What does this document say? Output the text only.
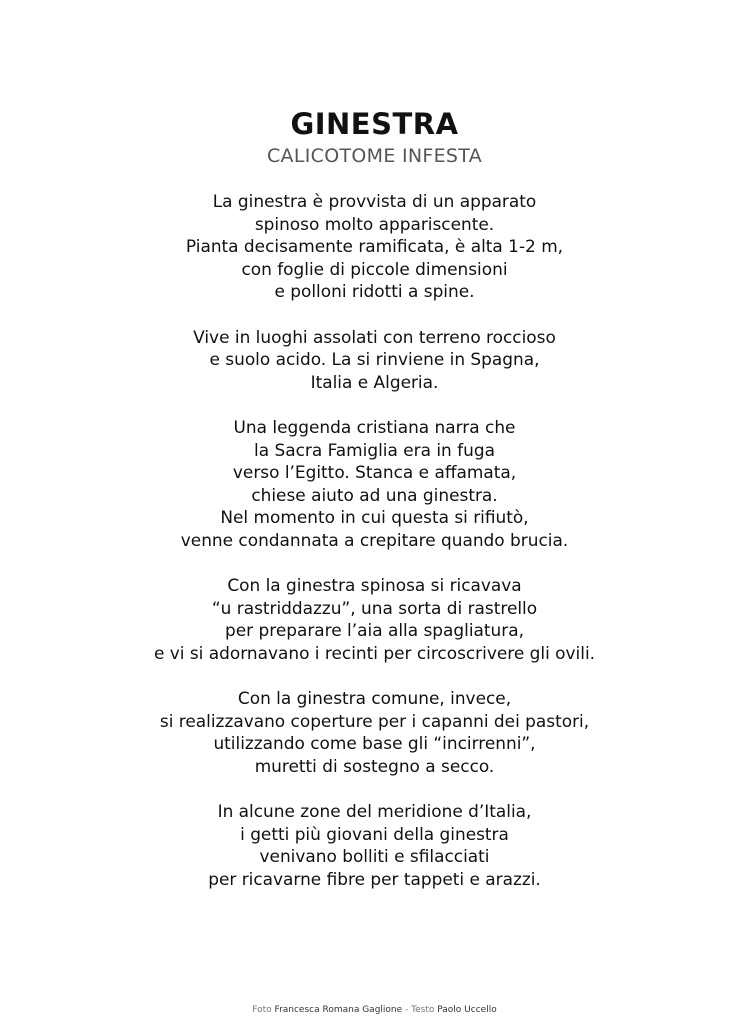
GINESTRA
CALICOTOME INFESTA

La ginestra è provvista di un apparato
spinoso molto appariscente.
Pianta decisamente ramificata, è alta 1-2 m,
con foglie di piccole dimensioni
e polloni ridotti a spine.

Vive in luoghi assolati con terreno roccioso
e suolo acido. La si rinviene in Spagna,
Italia e Algeria.

Una leggenda cristiana narra che
la Sacra Famiglia era in fuga
verso l’Egitto. Stanca e affamata,
chiese aiuto ad una ginestra.
Nel momento in cui questa si rifiutò,
venne condannata a crepitare quando brucia.

Con la ginestra spinosa si ricavava
“u rastriddazzu”, una sorta di rastrello
per preparare l’aia alla spagliatura,
e vi si adornavano i recinti per circoscrivere gli ovili.

Con la ginestra comune, invece,
si realizzavano coperture per i capanni dei pastori,
utilizzando come base gli “incirrenni”,
muretti di sostegno a secco.

In alcune zone del meridione d’Italia,
i getti più giovani della ginestra
venivano bolliti e sfilacciati
per ricavarne fibre per tappeti e arazzi.

Foto Francesca Romana Gaglione - Testo Paolo Uccello
